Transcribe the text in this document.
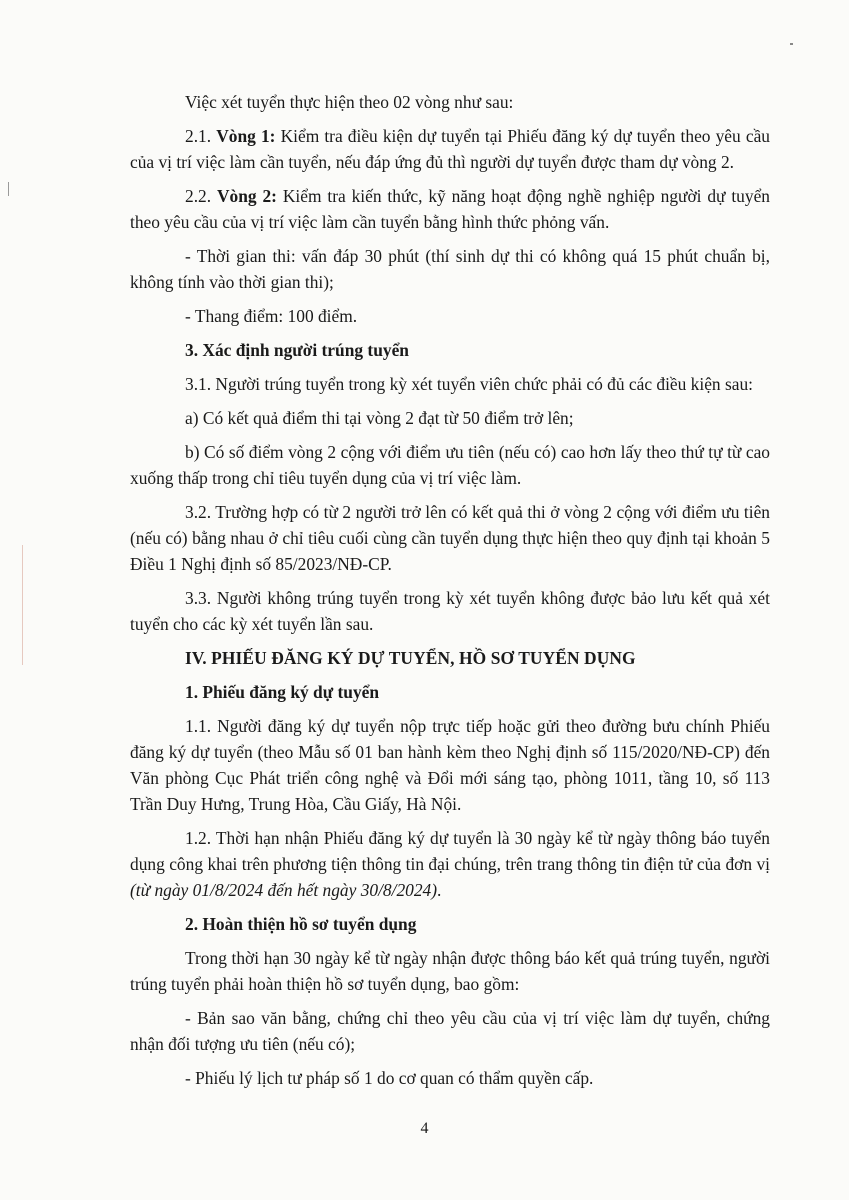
Việc xét tuyển thực hiện theo 02 vòng như sau:

2.1. Vòng 1: Kiểm tra điều kiện dự tuyển tại Phiếu đăng ký dự tuyển theo yêu cầu của vị trí việc làm cần tuyển, nếu đáp ứng đủ thì người dự tuyển được tham dự vòng 2.

2.2. Vòng 2: Kiểm tra kiến thức, kỹ năng hoạt động nghề nghiệp người dự tuyển theo yêu cầu của vị trí việc làm cần tuyển bằng hình thức phỏng vấn.

- Thời gian thi: vấn đáp 30 phút (thí sinh dự thi có không quá 15 phút chuẩn bị, không tính vào thời gian thi);

- Thang điểm: 100 điểm.

3. Xác định người trúng tuyển

3.1. Người trúng tuyển trong kỳ xét tuyển viên chức phải có đủ các điều kiện sau:

a) Có kết quả điểm thi tại vòng 2 đạt từ 50 điểm trở lên;

b) Có số điểm vòng 2 cộng với điểm ưu tiên (nếu có) cao hơn lấy theo thứ tự từ cao xuống thấp trong chỉ tiêu tuyển dụng của vị trí việc làm.

3.2. Trường hợp có từ 2 người trở lên có kết quả thi ở vòng 2 cộng với điểm ưu tiên (nếu có) bằng nhau ở chỉ tiêu cuối cùng cần tuyển dụng thực hiện theo quy định tại khoản 5 Điều 1 Nghị định số 85/2023/NĐ-CP.

3.3. Người không trúng tuyển trong kỳ xét tuyển không được bảo lưu kết quả xét tuyển cho các kỳ xét tuyển lần sau.

IV. PHIẾU ĐĂNG KÝ DỰ TUYỂN, HỒ SƠ TUYỂN DỤNG

1. Phiếu đăng ký dự tuyển

1.1. Người đăng ký dự tuyển nộp trực tiếp hoặc gửi theo đường bưu chính Phiếu đăng ký dự tuyển (theo Mẫu số 01 ban hành kèm theo Nghị định số 115/2020/NĐ-CP) đến Văn phòng Cục Phát triển công nghệ và Đổi mới sáng tạo, phòng 1011, tầng 10, số 113 Trần Duy Hưng, Trung Hòa, Cầu Giấy, Hà Nội.

1.2. Thời hạn nhận Phiếu đăng ký dự tuyển là 30 ngày kể từ ngày thông báo tuyển dụng công khai trên phương tiện thông tin đại chúng, trên trang thông tin điện tử của đơn vị (từ ngày 01/8/2024 đến hết ngày 30/8/2024).

2. Hoàn thiện hồ sơ tuyển dụng

Trong thời hạn 30 ngày kể từ ngày nhận được thông báo kết quả trúng tuyển, người trúng tuyển phải hoàn thiện hồ sơ tuyển dụng, bao gồm:

- Bản sao văn bằng, chứng chỉ theo yêu cầu của vị trí việc làm dự tuyển, chứng nhận đối tượng ưu tiên (nếu có);

- Phiếu lý lịch tư pháp số 1 do cơ quan có thẩm quyền cấp.

4
